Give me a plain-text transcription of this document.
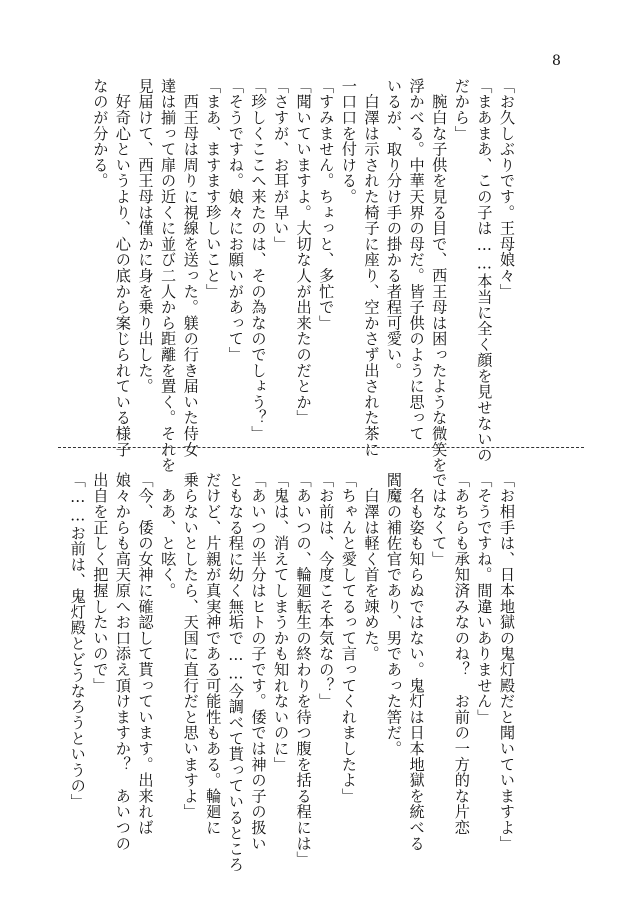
8
「お久しぶりです。王母娘々」
「まあまあ、この子は……本当に全く顔を見せないの
だから」
　腕白な子供を見る目で、西王母は困ったような微笑を
浮かべる。中華天界の母だ。皆子供のように思って
いるが、取り分け手の掛かる者程可愛い。
　白澤は示された椅子に座り、空かさず出された茶に
一口口を付ける。
「すみません。ちょっと、多忙で」
「聞いていますよ。大切な人が出来たのだとか」
「さすが、お耳が早い」
「珍しくここへ来たのは、その為なのでしょう？」
「そうですね。娘々にお願いがあって」
「まあ、ますます珍しいこと」
　西王母は周りに視線を送った。躾の行き届いた侍女
達は揃って扉の近くに並び二人から距離を置く。それを
見届けて、西王母は僅かに身を乗り出した。
　好奇心というより、心の底から案じられている様子
なのが分かる。
「お相手は、日本地獄の鬼灯殿だと聞いていますよ」
「そうですね。間違いありません」
「あちらも承知済みなのね？　お前の一方的な片恋
ではなくて」
　名も姿も知らぬではない。鬼灯は日本地獄を統べる
閻魔の補佐官であり、男であった筈だ。
　白澤は軽く首を竦めた。
「ちゃんと愛してるって言ってくれましたよ」
「お前は、今度こそ本気なの？」
「あいつの、輪廻転生の終わりを待つ腹を括る程には」
「鬼は、消えてしまうかも知れないのに」
「あいつの半分はヒトの子です。倭では神の子の扱い
ともなる程に幼く無垢で……今調べて貰っているところ
だけど、片親が真実神である可能性もある。輪廻に
乗らないとしたら、天国に直行だと思いますよ」
　ああ、と呟く。
「今、倭の女神に確認して貰っています。出来れば
娘々からも高天原へお口添え頂けますか？　あいつの
出自を正しく把握したいので」
「……お前は、鬼灯殿とどうなろうというの」
